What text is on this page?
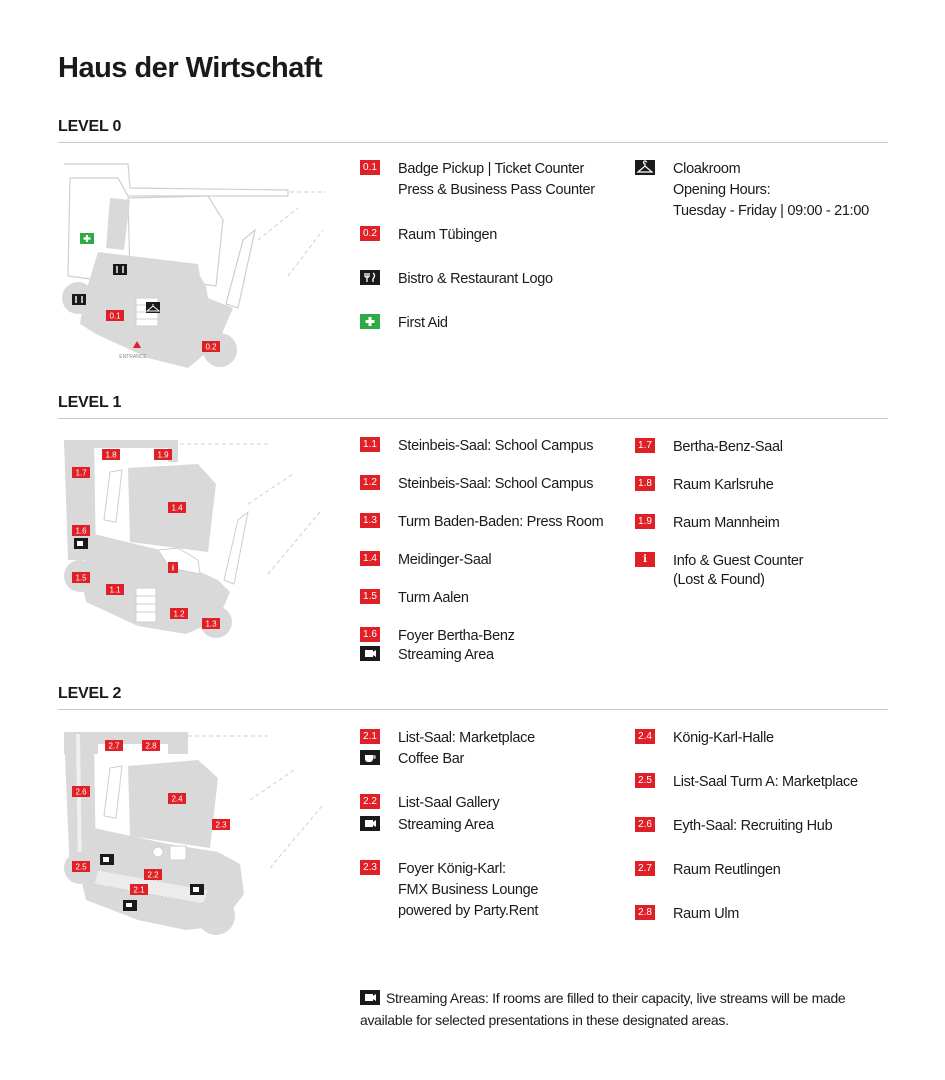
Haus der Wirtschaft
LEVEL 0
0.1
0.2
ENTRANCE
0.1 Badge Pickup | Ticket Counter
Press & Business Pass Counter
0.2 Raum Tübingen
Bistro & Restaurant Logo
First Aid
Cloakroom
Opening Hours:
Tuesday - Friday | 09:00 - 21:00
LEVEL 1
1.8	1.9
1.7
1.4
1.6
i
1.5
1.1
1.2
1.3
1.1 Steinbeis-Saal: School Campus
1.2 Steinbeis-Saal: School Campus
1.3 Turm Baden-Baden: Press Room
1.4 Meidinger-Saal
1.5 Turm Aalen
1.6 Foyer Bertha-Benz
Streaming Area
1.7 Bertha-Benz-Saal
1.8 Raum Karlsruhe
1.9 Raum Mannheim
i	Info & Guest Counter
(Lost & Found)
LEVEL 2
2.7	2.8
2.6
2.4
2.3
2.5
2.2
2.1
2.1 List-Saal: Marketplace
Coffee Bar
2.2 List-Saal Gallery
Streaming Area
2.3 Foyer König-Karl:
FMX Business Lounge
powered by Party.Rent
2.4 König-Karl-Halle
2.5 List-Saal Turm A: Marketplace
2.6 Eyth-Saal: Recruiting Hub
2.7 Raum Reutlingen
2.8 Raum Ulm
Streaming Areas: If rooms are filled to their capacity, live streams will be made available for selected presentations in these designated areas.
